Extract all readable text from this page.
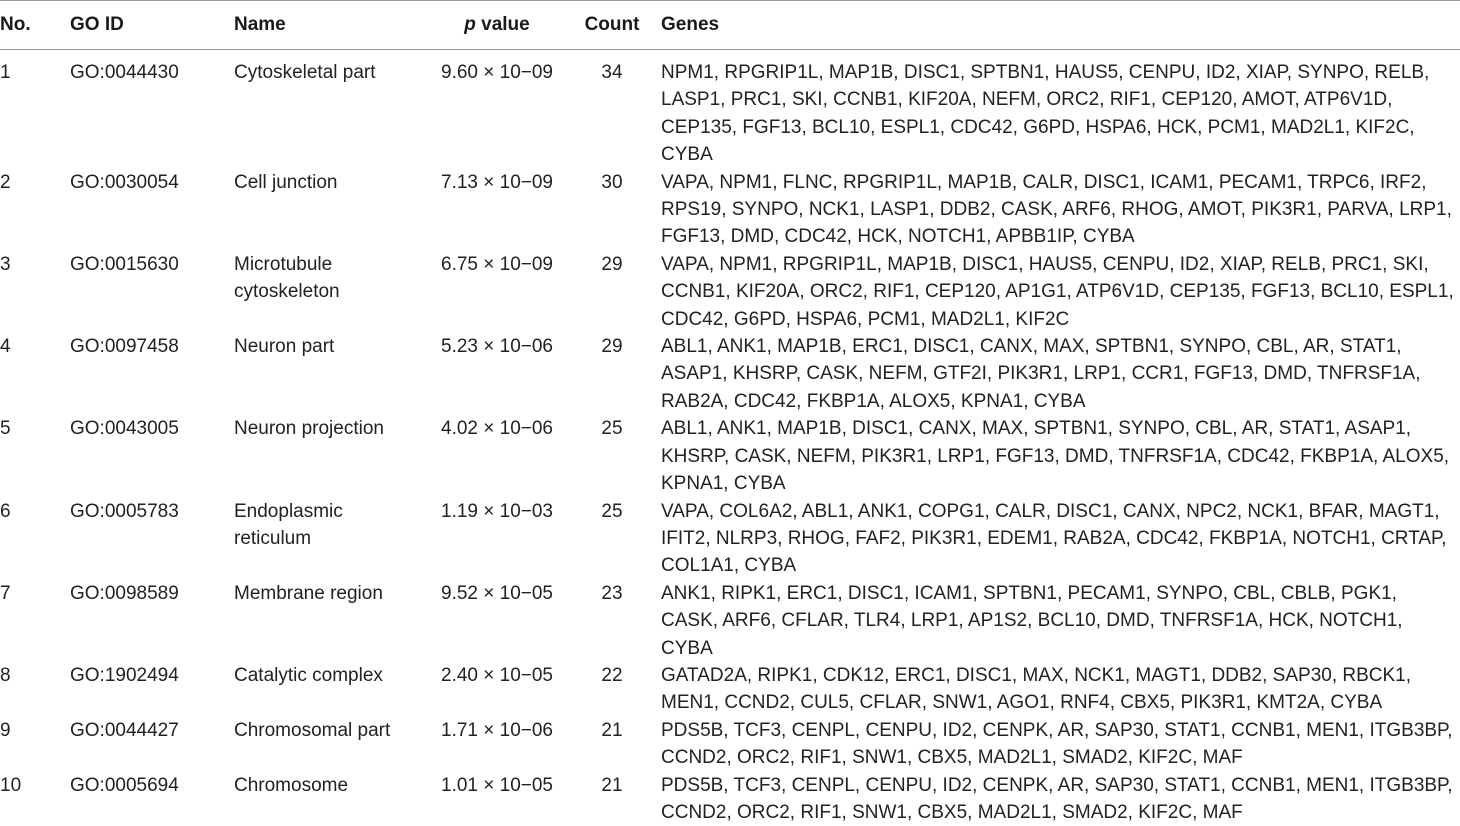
No.	GO ID	Name	p value	Count	Genes
1	GO:0044430	Cytoskeletal part	9.60 × 10−09	34	NPM1, RPGRIP1L, MAP1B, DISC1, SPTBN1, HAUS5, CENPU, ID2, XIAP, SYNPO, RELB, LASP1, PRC1, SKI, CCNB1, KIF20A, NEFM, ORC2, RIF1, CEP120, AMOT, ATP6V1D, CEP135, FGF13, BCL10, ESPL1, CDC42, G6PD, HSPA6, HCK, PCM1, MAD2L1, KIF2C, CYBA
2	GO:0030054	Cell junction	7.13 × 10−09	30	VAPA, NPM1, FLNC, RPGRIP1L, MAP1B, CALR, DISC1, ICAM1, PECAM1, TRPC6, IRF2, RPS19, SYNPO, NCK1, LASP1, DDB2, CASK, ARF6, RHOG, AMOT, PIK3R1, PARVA, LRP1, FGF13, DMD, CDC42, HCK, NOTCH1, APBB1IP, CYBA
3	GO:0015630	Microtubule cytoskeleton	6.75 × 10−09	29	VAPA, NPM1, RPGRIP1L, MAP1B, DISC1, HAUS5, CENPU, ID2, XIAP, RELB, PRC1, SKI, CCNB1, KIF20A, ORC2, RIF1, CEP120, AP1G1, ATP6V1D, CEP135, FGF13, BCL10, ESPL1, CDC42, G6PD, HSPA6, PCM1, MAD2L1, KIF2C
4	GO:0097458	Neuron part	5.23 × 10−06	29	ABL1, ANK1, MAP1B, ERC1, DISC1, CANX, MAX, SPTBN1, SYNPO, CBL, AR, STAT1, ASAP1, KHSRP, CASK, NEFM, GTF2I, PIK3R1, LRP1, CCR1, FGF13, DMD, TNFRSF1A, RAB2A, CDC42, FKBP1A, ALOX5, KPNA1, CYBA
5	GO:0043005	Neuron projection	4.02 × 10−06	25	ABL1, ANK1, MAP1B, DISC1, CANX, MAX, SPTBN1, SYNPO, CBL, AR, STAT1, ASAP1, KHSRP, CASK, NEFM, PIK3R1, LRP1, FGF13, DMD, TNFRSF1A, CDC42, FKBP1A, ALOX5, KPNA1, CYBA
6	GO:0005783	Endoplasmic reticulum	1.19 × 10−03	25	VAPA, COL6A2, ABL1, ANK1, COPG1, CALR, DISC1, CANX, NPC2, NCK1, BFAR, MAGT1, IFIT2, NLRP3, RHOG, FAF2, PIK3R1, EDEM1, RAB2A, CDC42, FKBP1A, NOTCH1, CRTAP, COL1A1, CYBA
7	GO:0098589	Membrane region	9.52 × 10−05	23	ANK1, RIPK1, ERC1, DISC1, ICAM1, SPTBN1, PECAM1, SYNPO, CBL, CBLB, PGK1, CASK, ARF6, CFLAR, TLR4, LRP1, AP1S2, BCL10, DMD, TNFRSF1A, HCK, NOTCH1, CYBA
8	GO:1902494	Catalytic complex	2.40 × 10−05	22	GATAD2A, RIPK1, CDK12, ERC1, DISC1, MAX, NCK1, MAGT1, DDB2, SAP30, RBCK1, MEN1, CCND2, CUL5, CFLAR, SNW1, AGO1, RNF4, CBX5, PIK3R1, KMT2A, CYBA
9	GO:0044427	Chromosomal part	1.71 × 10−06	21	PDS5B, TCF3, CENPL, CENPU, ID2, CENPK, AR, SAP30, STAT1, CCNB1, MEN1, ITGB3BP, CCND2, ORC2, RIF1, SNW1, CBX5, MAD2L1, SMAD2, KIF2C, MAF
10	GO:0005694	Chromosome	1.01 × 10−05	21	PDS5B, TCF3, CENPL, CENPU, ID2, CENPK, AR, SAP30, STAT1, CCNB1, MEN1, ITGB3BP, CCND2, ORC2, RIF1, SNW1, CBX5, MAD2L1, SMAD2, KIF2C, MAF
